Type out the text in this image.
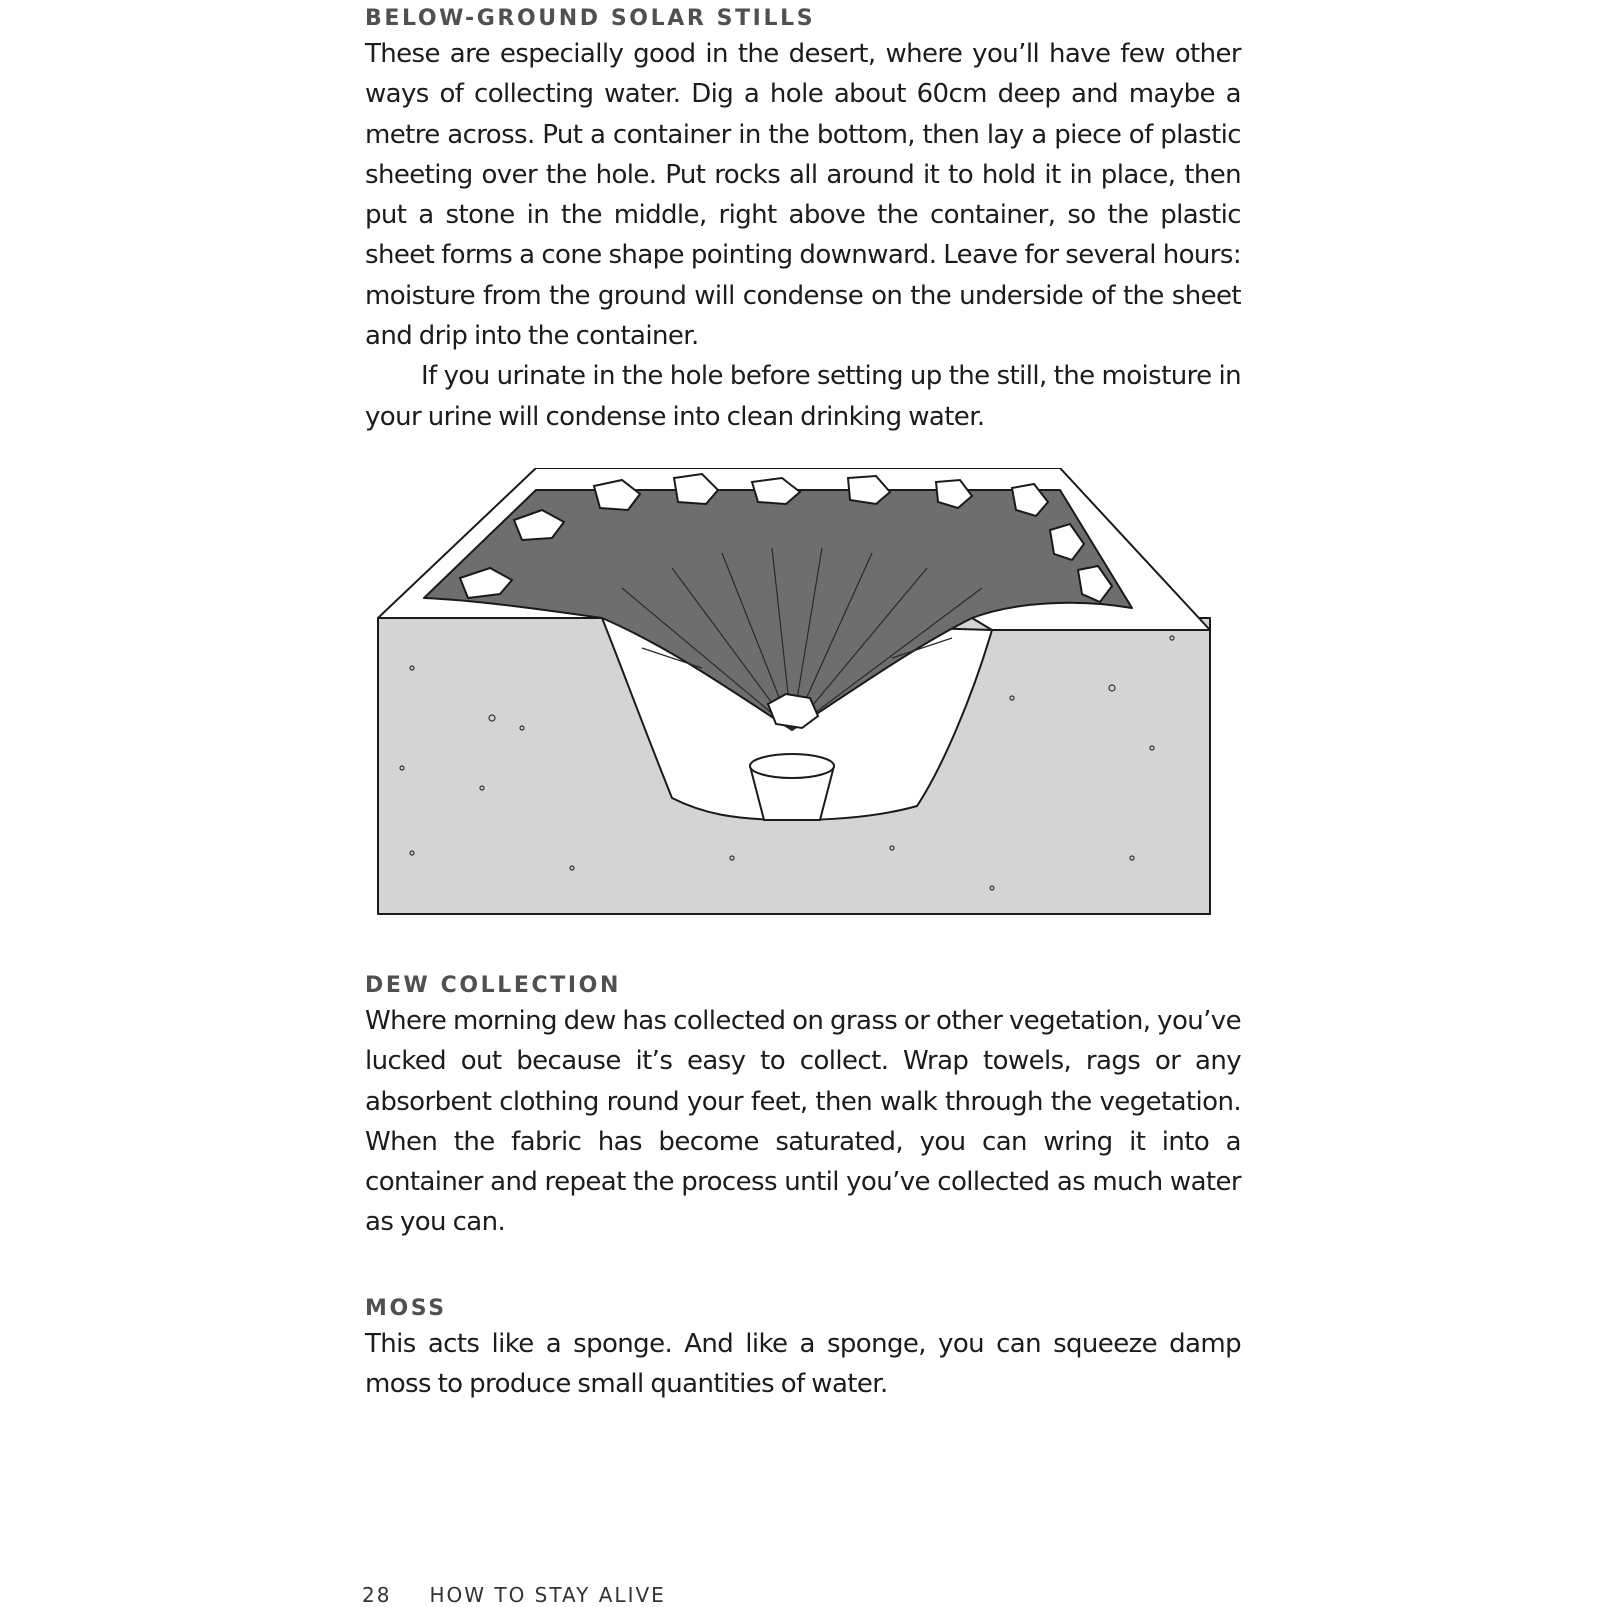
BELOW-GROUND SOLAR STILLS

These are especially good in the desert, where you’ll have few other ways of collecting water. Dig a hole about 60cm deep and maybe a metre across. Put a container in the bottom, then lay a piece of plastic sheeting over the hole. Put rocks all around it to hold it in place, then put a stone in the middle, right above the container, so the plastic sheet forms a cone shape pointing downward. Leave for several hours: moisture from the ground will condense on the underside of the sheet and drip into the container.

If you urinate in the hole before setting up the still, the moisture in your urine will condense into clean drinking water.

DEW COLLECTION

Where morning dew has collected on grass or other vegetation, you’ve lucked out because it’s easy to collect. Wrap towels, rags or any absorbent clothing round your feet, then walk through the vegetation. When the fabric has become saturated, you can wring it into a container and repeat the process until you’ve collected as much water as you can.

MOSS

This acts like a sponge. And like a sponge, you can squeeze damp moss to produce small quantities of water.

28 HOW TO STAY ALIVE
